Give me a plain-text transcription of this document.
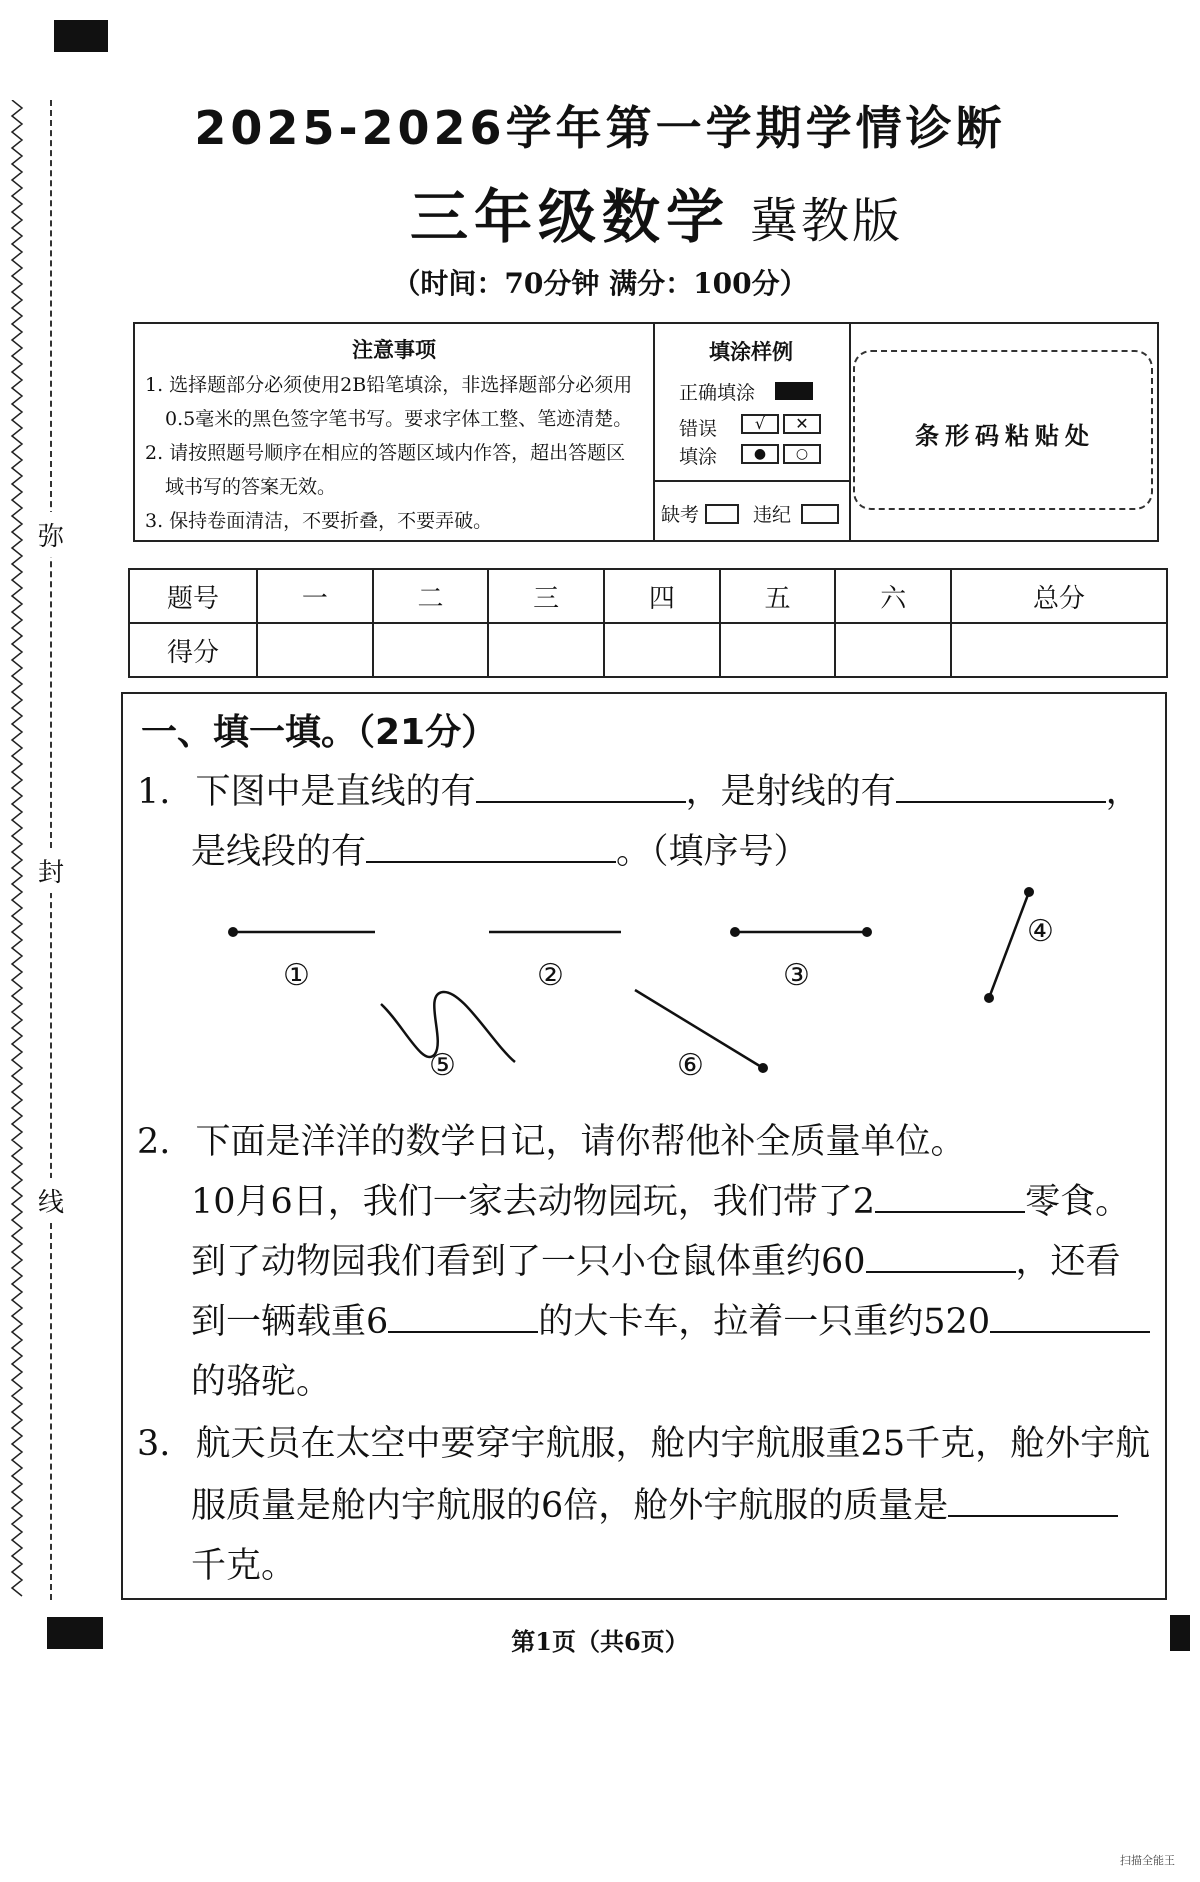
弥
封
线
2025-2026学年第一学期学情诊断
三年级数学 冀教版
（时间：70分钟 满分：100分）
注意事项
1. 选择题部分必须使用2B铅笔填涂，非选择题部分必须用
0.5毫米的黑色签字笔书写。要求字体工整、笔迹清楚。
2. 请按照题号顺序在相应的答题区域内作答，超出答题区
域书写的答案无效。
3. 保持卷面清洁，不要折叠，不要弄破。
填涂样例
正确填涂
错误
填涂
√	✕
●	○
缺考	违纪
条形码粘贴处
题号	一	二	三	四	五	六	总分
得分							
一、填一填。（21分）
1. 下图中是直线的有	，是射线的有	，
是线段的有	。（填序号）
①	②	③
④
⑤	⑥
2. 下面是洋洋的数学日记，请你帮他补全质量单位。
10月6日，我们一家去动物园玩，我们带了2	零食。
到了动物园我们看到了一只小仓鼠体重约60	，还看
到一辆载重6	的大卡车，拉着一只重约520
的骆驼。
3. 航天员在太空中要穿宇航服，舱内宇航服重25千克，舱外宇航
服质量是舱内宇航服的6倍，舱外宇航服的质量是
千克。
第1页（共6页）
扫描全能王
